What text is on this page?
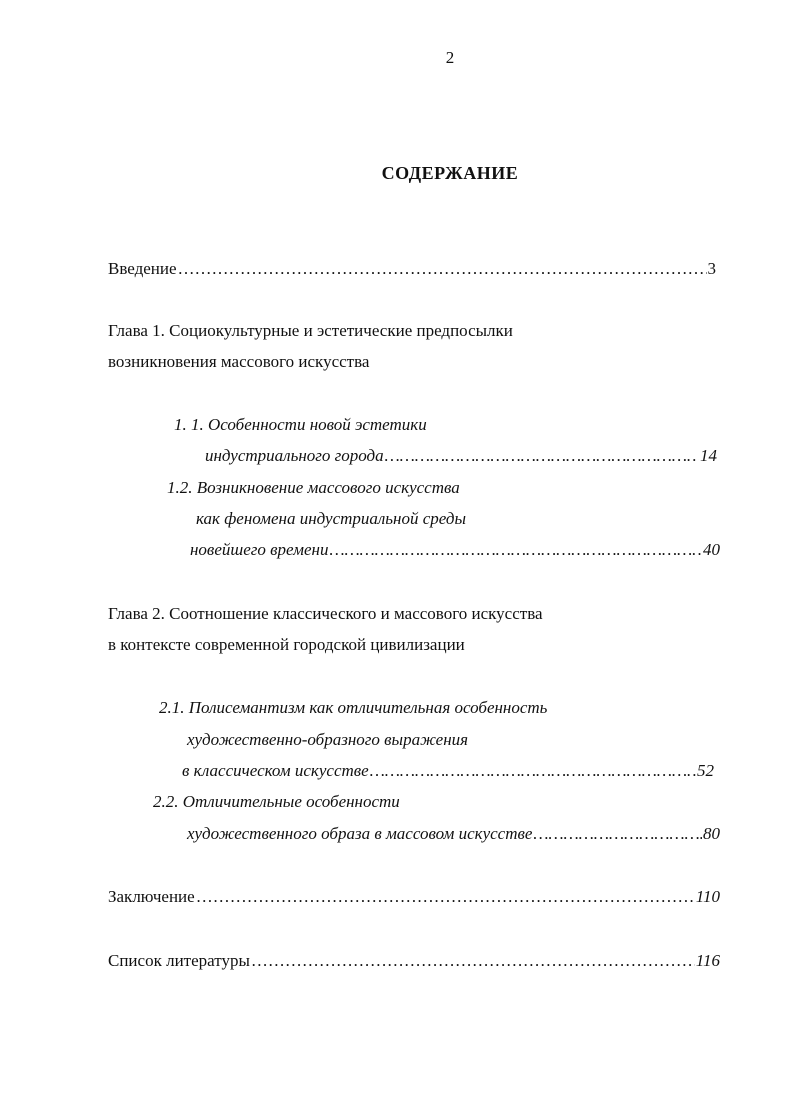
2
СОДЕРЖАНИЕ
Введение …………………………………………………………………………………………………………………………………………	3
Глава 1. Социокультурные и эстетические предпосылки
возникновения массового искусства
1. 1. Особенности новой эстетики
индустриального города …………………………………………………………………………………………………………………………………………	14
1.2. Возникновение массового искусства
как феномена индустриальной среды
новейшего времени …………………………………………………………………………………………………………………………………………	40
Глава 2. Соотношение классического и массового искусства
в контексте современной городской цивилизации
2.1. Полисемантизм как отличительная особенность
художественно-образного выражения
в классическом искусстве …………………………………………………………………………………………………………………………………………	52
2.2. Отличительные особенности
художественного образа в массовом искусстве …………………………………………………………………………………………………………………………………………	80
Заключение …………………………………………………………………………………………………………………………………………	110
Список литературы …………………………………………………………………………………………………………………………………………	116
